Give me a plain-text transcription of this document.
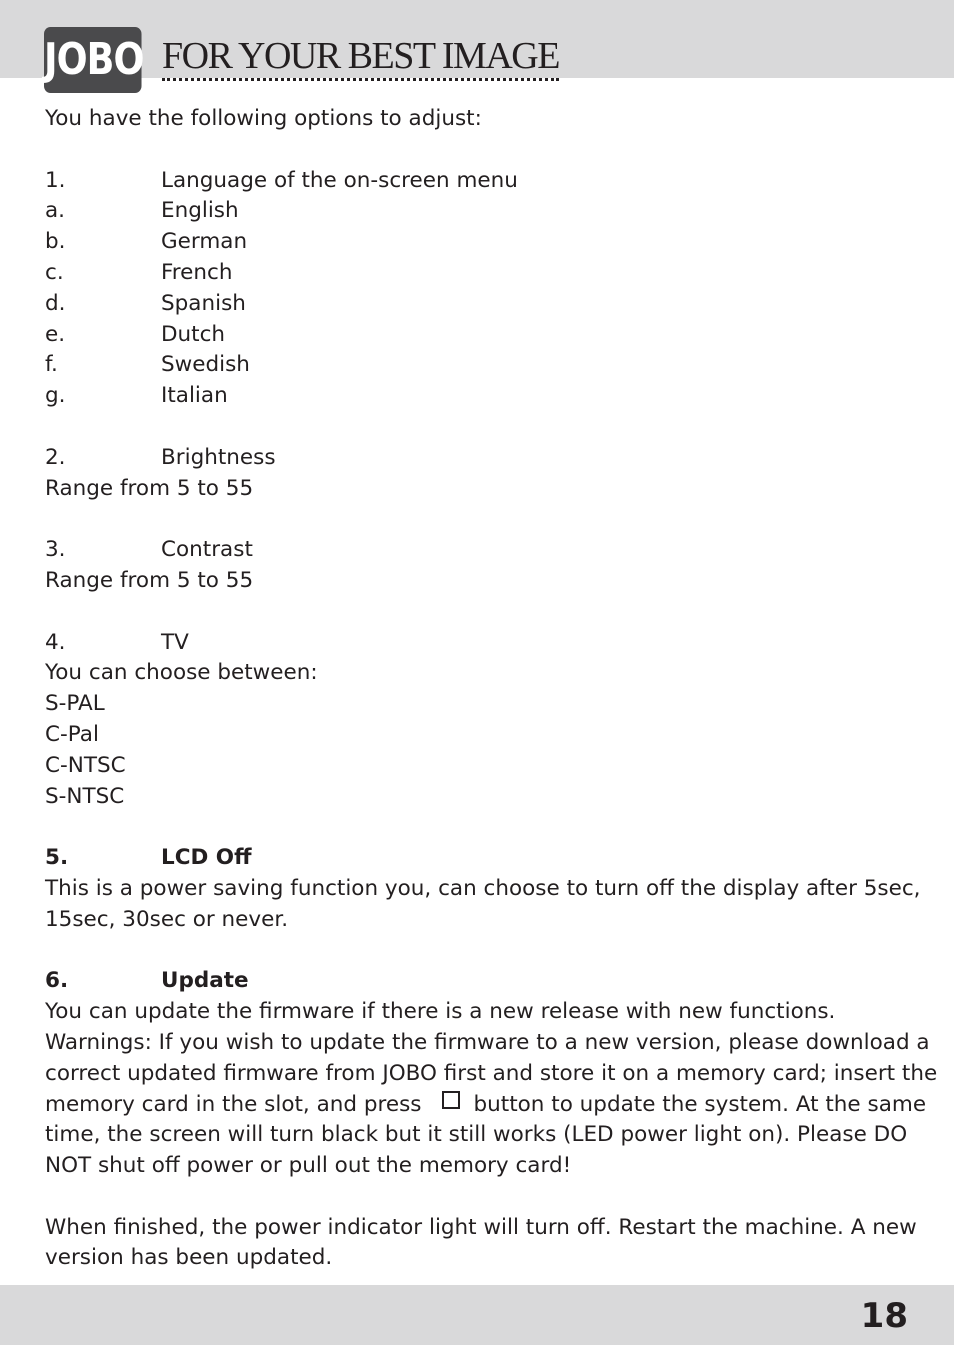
JOBO FOR YOUR BEST IMAGE
You have the following options to adjust:
1.	Language of the on-screen menu
a.	English
b.	German
c.	French
d.	Spanish
e.	Dutch
f.	Swedish
g.	Italian
2.	Brightness
Range from 5 to 55
3.	Contrast
Range from 5 to 55
4.	TV
You can choose between:
S-PAL
C-Pal
C-NTSC
S-NTSC
5.	LCD Off
This is a power saving function you, can choose to turn off the display after 5sec,
15sec, 30sec or never.
6.	Update
You can update the firmware if there is a new release with new functions.
Warnings: If you wish to update the firmware to a new version, please download a
correct updated firmware from JOBO first and store it on a memory card; insert the
memory card in the slot, and press button to update the system. At the same
time, the screen will turn black but it still works (LED power light on). Please DO
NOT shut off power or pull out the memory card!
When finished, the power indicator light will turn off. Restart the machine. A new
version has been updated.
18
